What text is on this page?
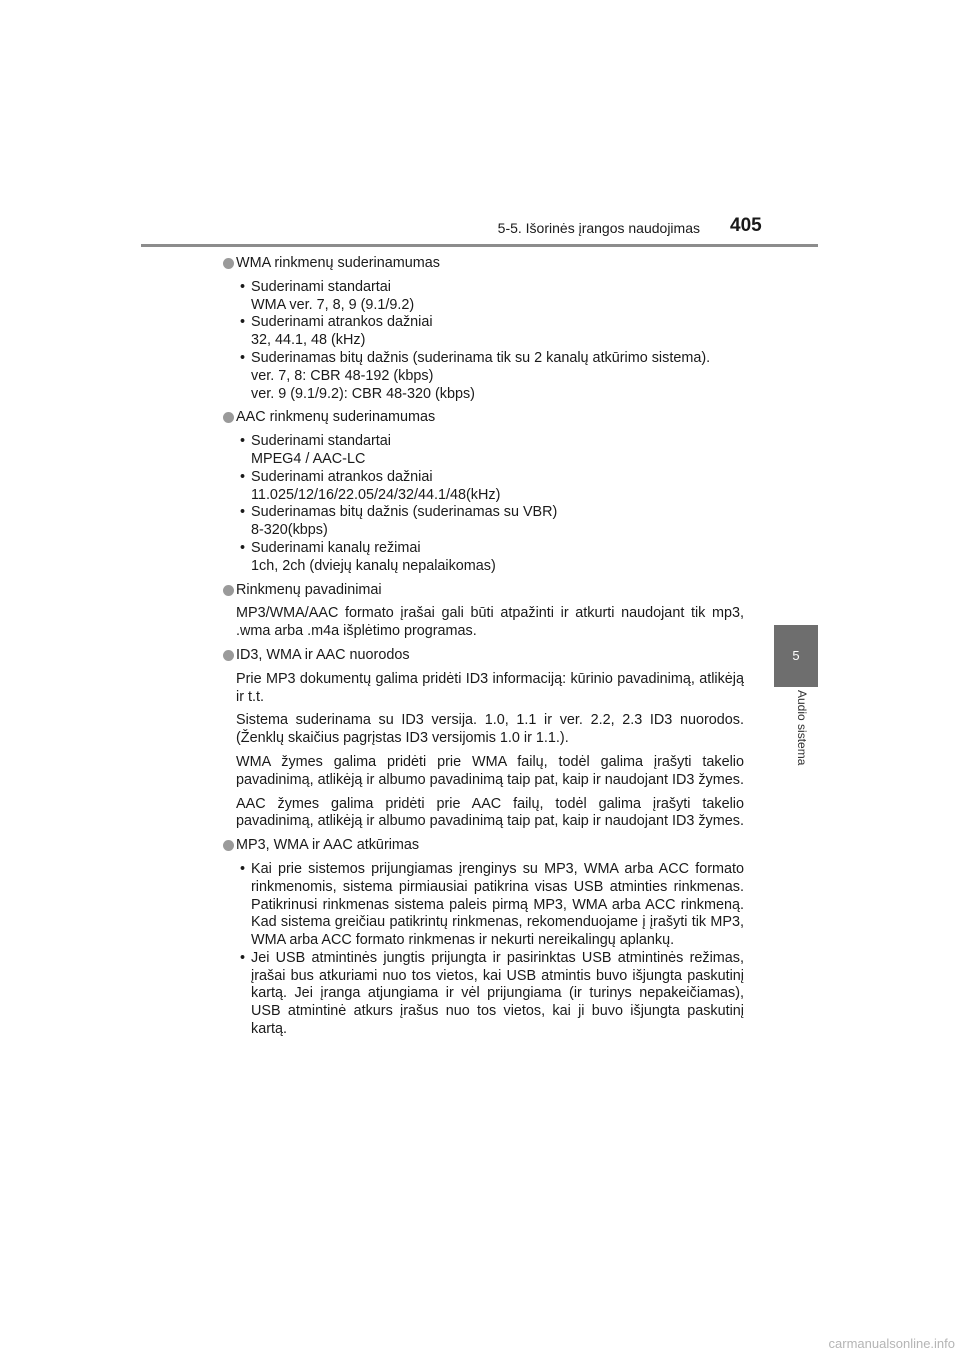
5-5. Išorinės įrangos naudojimas 405
5
Audio sistema
WMA rinkmenų suderinamumas
• Suderinami standartai
WMA ver. 7, 8, 9 (9.1/9.2)
• Suderinami atrankos dažniai
32, 44.1, 48 (kHz)
• Suderinamas bitų dažnis (suderinama tik su 2 kanalų atkūrimo sistema).
ver. 7, 8: CBR 48-192 (kbps)
ver. 9 (9.1/9.2): CBR 48-320 (kbps)
AAC rinkmenų suderinamumas
• Suderinami standartai
MPEG4 / AAC-LC
• Suderinami atrankos dažniai
11.025/12/16/22.05/24/32/44.1/48(kHz)
• Suderinamas bitų dažnis (suderinamas su VBR)
8-320(kbps)
• Suderinami kanalų režimai
1ch, 2ch (dviejų kanalų nepalaikomas)
Rinkmenų pavadinimai

MP3/WMA/AAC formato įrašai gali būti atpažinti ir atkurti naudojant tik mp3, .wma arba .m4a išplėtimo programas.

ID3, WMA ir AAC nuorodos

Prie MP3 dokumentų galima pridėti ID3 informaciją: kūrinio pavadinimą, atlikėją ir t.t.

Sistema suderinama su ID3 versija. 1.0, 1.1 ir ver. 2.2, 2.3 ID3 nuorodos. (Ženklų skaičius pagrįstas ID3 versijomis 1.0 ir 1.1.).

WMA žymes galima pridėti prie WMA failų, todėl galima įrašyti takelio pavadinimą, atlikėją ir albumo pavadinimą taip pat, kaip ir naudojant ID3 žymes.

AAC žymes galima pridėti prie AAC failų, todėl galima įrašyti takelio pavadinimą, atlikėją ir albumo pavadinimą taip pat, kaip ir naudojant ID3 žymes.

MP3, WMA ir AAC atkūrimas
• Kai prie sistemos prijungiamas įrenginys su MP3, WMA arba ACC formato rinkmenomis, sistema pirmiausiai patikrina visas USB atminties rinkmenas. Patikrinusi rinkmenas sistema paleis pirmą MP3, WMA arba ACC rinkmeną. Kad sistema greičiau patikrintų rinkmenas, rekomenduojame į įrašyti tik MP3, WMA arba ACC formato rinkmenas ir nekurti nereikalingų aplankų.
• Jei USB atmintinės jungtis prijungta ir pasirinktas USB atmintinės režimas, įrašai bus atkuriami nuo tos vietos, kai USB atmintis buvo išjungta paskutinį kartą. Jei įranga atjungiama ir vėl prijungiama (ir turinys nepakeičiamas), USB atmintinė atkurs įrašus nuo tos vietos, kai ji buvo išjungta paskutinį kartą.
carmanualsonline.info
